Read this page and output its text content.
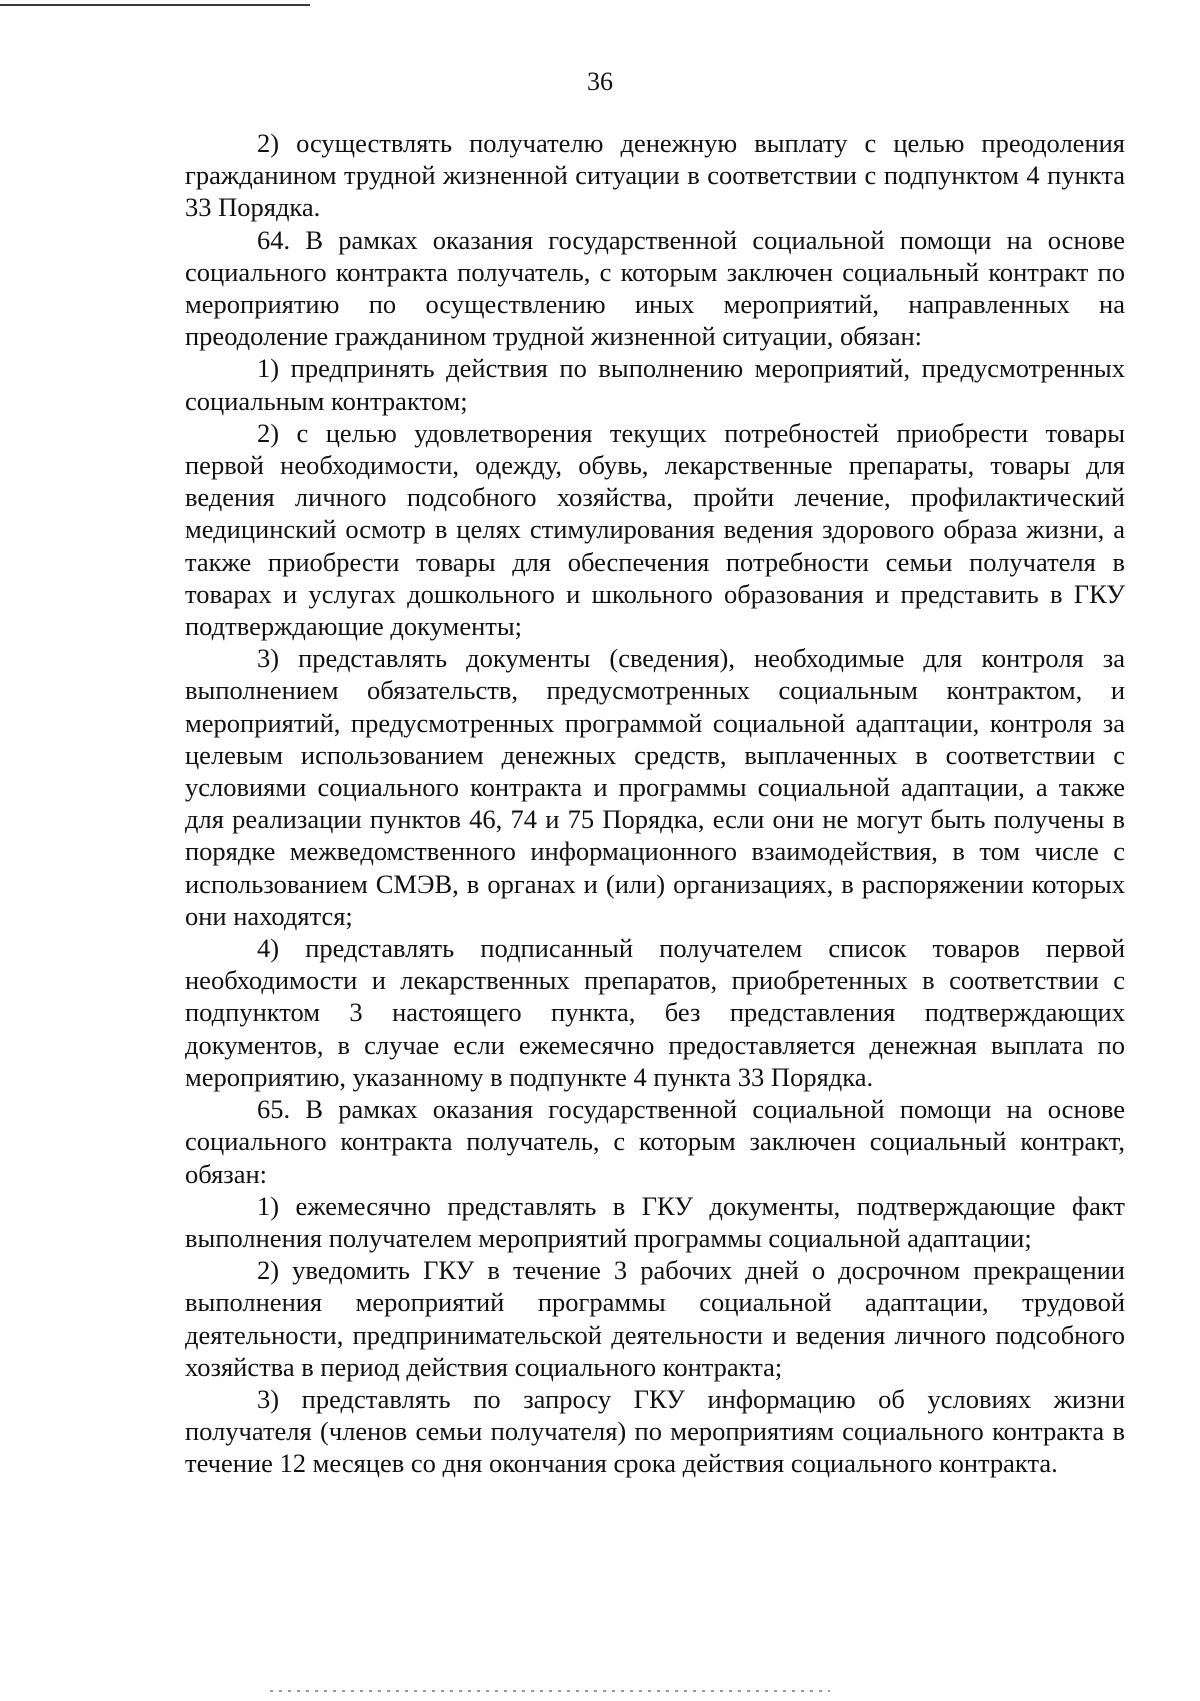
36

2) осуществлять получателю денежную выплату с целью преодоления гражданином трудной жизненной ситуации в соответствии с подпунктом 4 пункта 33 Порядка.

64. В рамках оказания государственной социальной помощи на основе социального контракта получатель, с которым заключен социальный контракт по мероприятию по осуществлению иных мероприятий, направленных на преодоление гражданином трудной жизненной ситуации, обязан:

1) предпринять действия по выполнению мероприятий, предусмотренных социальным контрактом;

2) с целью удовлетворения текущих потребностей приобрести товары первой необходимости, одежду, обувь, лекарственные препараты, товары для ведения личного подсобного хозяйства, пройти лечение, профилактический медицинский осмотр в целях стимулирования ведения здорового образа жизни, а также приобрести товары для обеспечения потребности семьи получателя в товарах и услугах дошкольного и школьного образования и представить в ГКУ подтверждающие документы;

3) представлять документы (сведения), необходимые для контроля за выполнением обязательств, предусмотренных социальным контрактом, и мероприятий, предусмотренных программой социальной адаптации, контроля за целевым использованием денежных средств, выплаченных в соответствии с условиями социального контракта и программы социальной адаптации, а также для реализации пунктов 46, 74 и 75 Порядка, если они не могут быть получены в порядке межведомственного информационного взаимодействия, в том числе с использованием СМЭВ, в органах и (или) организациях, в распоряжении которых они находятся;

4) представлять подписанный получателем список товаров первой необходимости и лекарственных препаратов, приобретенных в соответствии с подпунктом 3 настоящего пункта, без представления подтверждающих документов, в случае если ежемесячно предоставляется денежная выплата по мероприятию, указанному в подпункте 4 пункта 33 Порядка.

65. В рамках оказания государственной социальной помощи на основе социального контракта получатель, с которым заключен социальный контракт, обязан:

1) ежемесячно представлять в ГКУ документы, подтверждающие факт выполнения получателем мероприятий программы социальной адаптации;

2) уведомить ГКУ в течение 3 рабочих дней о досрочном прекращении выполнения мероприятий программы социальной адаптации, трудовой деятельности, предпринимательской деятельности и ведения личного подсобного хозяйства в период действия социального контракта;

3) представлять по запросу ГКУ информацию об условиях жизни получателя (членов семьи получателя) по мероприятиям социального контракта в течение 12 месяцев со дня окончания срока действия социального контракта.
